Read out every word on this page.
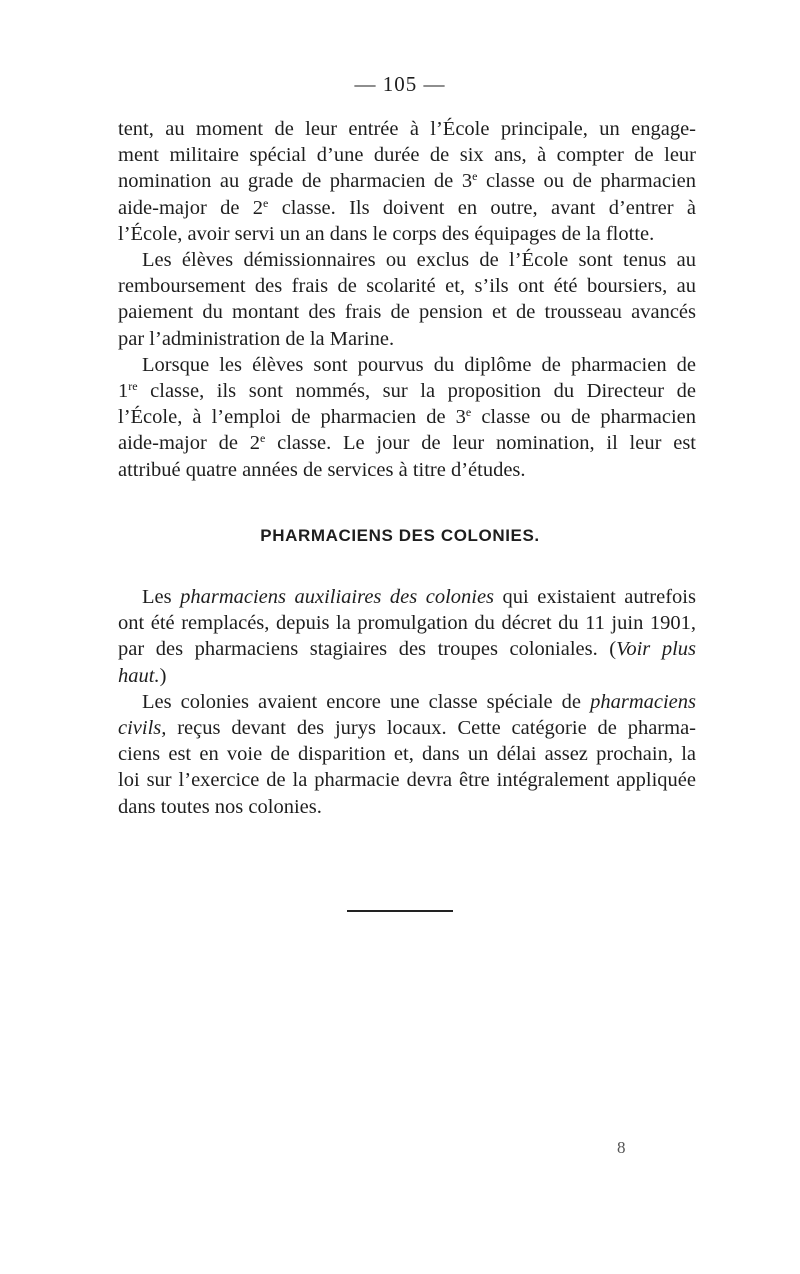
— 105 —

tent, au moment de leur entrée à l’École principale, un engage-
ment militaire spécial d’une durée de six ans, à compter de leur
nomination au grade de pharmacien de 3e classe ou de pharmacien
aide-major de 2e classe. Ils doivent en outre, avant d’entrer à
l’École, avoir servi un an dans le corps des équipages de la flotte.

Les élèves démissionnaires ou exclus de l’École sont tenus au
remboursement des frais de scolarité et, s’ils ont été boursiers, au
paiement du montant des frais de pension et de trousseau avancés
par l’administration de la Marine.

Lorsque les élèves sont pourvus du diplôme de pharmacien de
1re classe, ils sont nommés, sur la proposition du Directeur de
l’École, à l’emploi de pharmacien de 3e classe ou de pharmacien
aide-major de 2e classe. Le jour de leur nomination, il leur est
attribué quatre années de services à titre d’études.

PHARMACIENS DES COLONIES.

Les pharmaciens auxiliaires des colonies qui existaient autrefois
ont été remplacés, depuis la promulgation du décret du 11 juin 1901,
par des pharmaciens stagiaires des troupes coloniales. (Voir plus
haut.)

Les colonies avaient encore une classe spéciale de pharmaciens
civils, reçus devant des jurys locaux. Cette catégorie de pharma-
ciens est en voie de disparition et, dans un délai assez prochain, la
loi sur l’exercice de la pharmacie devra être intégralement appliquée
dans toutes nos colonies.

8
